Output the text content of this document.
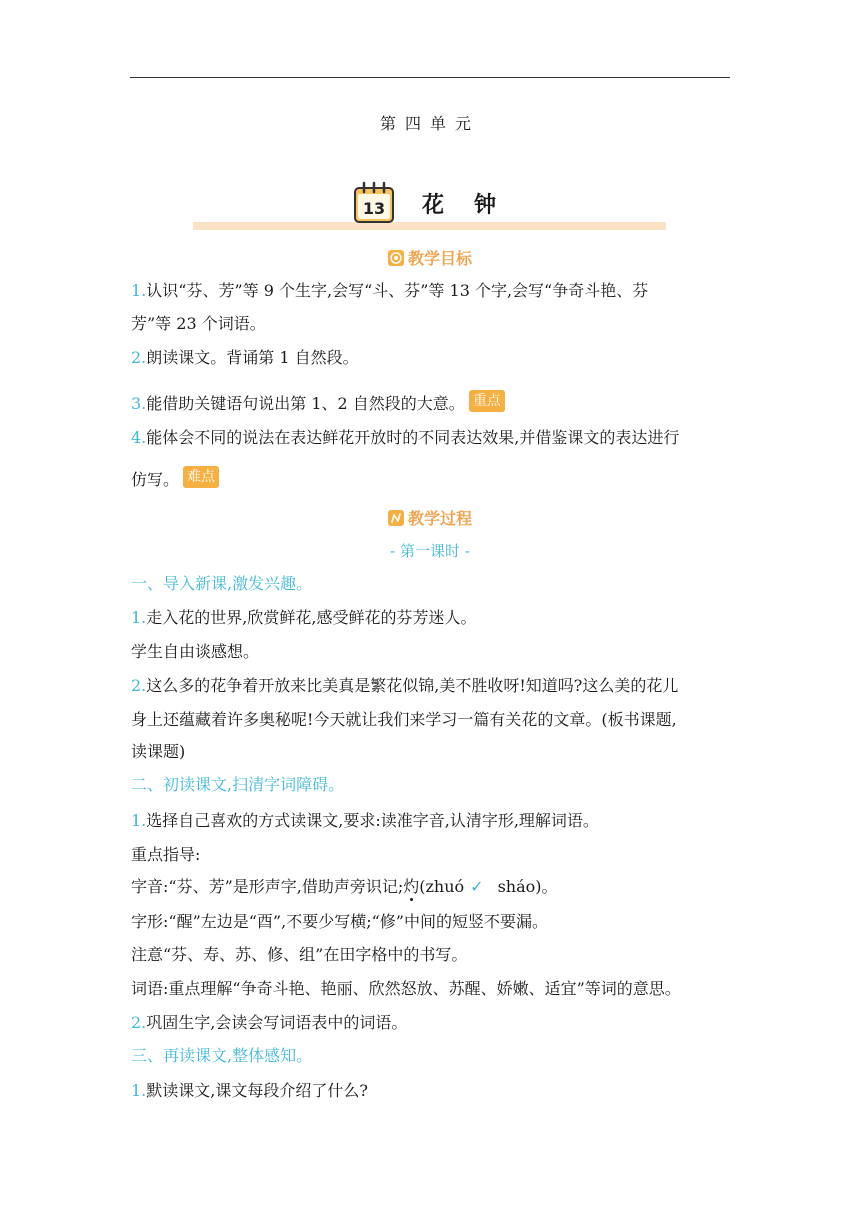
第四单元
13 花钟
教学目标
1.认识“芬、芳”等 9 个生字,会写“斗、芬”等 13 个字,会写“争奇斗艳、芬
芳”等 23 个词语。
2.朗读课文。背诵第 1 自然段。
3.能借助关键语句说出第 1、2 自然段的大意。 重点
4.能体会不同的说法在表达鲜花开放时的不同表达效果,并借鉴课文的表达进行
仿写。 难点
教学过程
- 第一课时 -
一、导入新课,激发兴趣。
1.走入花的世界,欣赏鲜花,感受鲜花的芬芳迷人。
学生自由谈感想。
2.这么多的花争着开放来比美真是繁花似锦,美不胜收呀!知道吗?这么美的花儿
身上还蕴藏着许多奥秘呢!今天就让我们来学习一篇有关花的文章。(板书课题,
读课题)
二、初读课文,扫清字词障碍。
1.选择自己喜欢的方式读课文,要求:读准字音,认清字形,理解词语。
重点指导:
字音:“芬、芳”是形声字,借助声旁识记;灼(zhuó ✓ sháo)。
字形:“醒”左边是“酉”,不要少写横;“修”中间的短竖不要漏。
注意“芬、寿、苏、修、组”在田字格中的书写。
词语:重点理解“争奇斗艳、艳丽、欣然怒放、苏醒、娇嫩、适宜”等词的意思。
2.巩固生字,会读会写词语表中的词语。
三、再读课文,整体感知。
1.默读课文,课文每段介绍了什么?
